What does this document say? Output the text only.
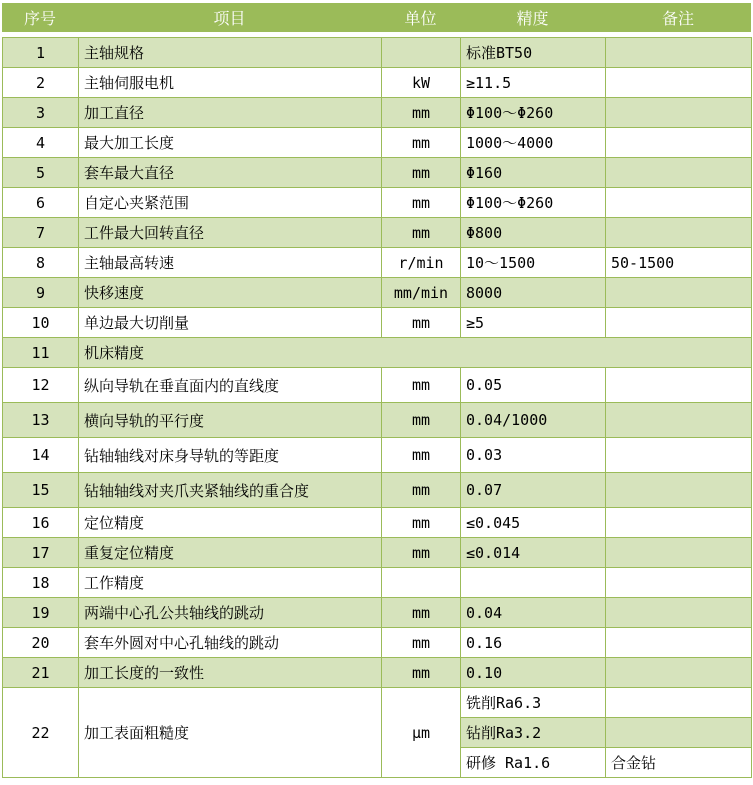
序号	项目	单位	精度	备注
1	主轴规格		标准BT50	
2	主轴伺服电机	kW	≥11.5	
3	加工直径	mm	Φ100～Φ260	
4	最大加工长度	mm	1000～4000	
5	套车最大直径	mm	Φ160	
6	自定心夹紧范围	mm	Φ100～Φ260	
7	工件最大回转直径	mm	Φ800	
8	主轴最高转速	r/min	10～1500	50-1500
9	快移速度	mm/min	8000	
10	单边最大切削量	mm	≥5	
11	机床精度			
12	纵向导轨在垂直面内的直线度	mm	0.05	
13	横向导轨的平行度	mm	0.04/1000	
14	钻轴轴线对床身导轨的等距度	mm	0.03	
15	钻轴轴线对夹爪夹紧轴线的重合度	mm	0.07	
16	定位精度	mm	≤0.045	
17	重复定位精度	mm	≤0.014	
18	工作精度			
19	两端中心孔公共轴线的跳动	mm	0.04	
20	套车外圆对中心孔轴线的跳动	mm	0.16	
21	加工长度的一致性	mm	0.10	
22	加工表面粗糙度	μm	铣削Ra6.3	
			钻削Ra3.2	
			研修 Ra1.6	合金钻
